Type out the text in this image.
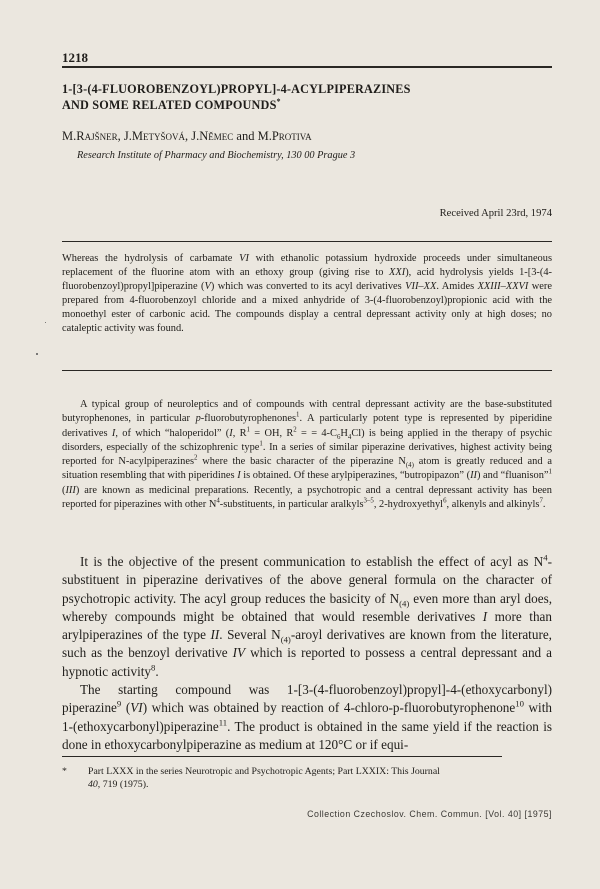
1218
1-[3-(4-FLUOROBENZOYL)PROPYL]-4-ACYLPIPERAZINES
AND SOME RELATED COMPOUNDS*
M.Rajšner, J.Metyšová, J.Němec and M.Protiva
Research Institute of Pharmacy and Biochemistry, 130 00 Prague 3
Received April 23rd, 1974

Whereas the hydrolysis of carbamate VI with ethanolic potassium hydroxide proceeds under simultaneous replacement of the fluorine atom with an ethoxy group (giving rise to XXI), acid hydrolysis yields 1-[3-(4-fluorobenzoyl)propyl]piperazine (V) which was converted to its acyl derivatives VII–XX. Amides XXIII–XXVI were prepared from 4-fluorobenzoyl chloride and a mixed anhydride of 3-(4-fluorobenzoyl)propionic acid with the monoethyl ester of carbonic acid. The compounds display a central depressant activity only at high doses; no cataleptic activity was found.

A typical group of neuroleptics and of compounds with central depressant activity are the base-substituted butyrophenones, in particular p-fluorobutyrophenones$^1$. A particularly potent type is represented by piperidine derivatives I, of which “haloperidol” (I, $R^1$ = OH, $R^2$ = = $4-C_6H_4Cl$) is being applied in the therapy of psychic disorders, especially of the schizophrenic type$^1$. In a series of similar piperazine derivatives, highest activity being reported for N-acylpiperazines$^2$ where the basic character of the piperazine $N_{(4)}$ atom is greatly reduced and a situation resembling that with piperidines I is obtained. Of these arylpiperazines, “butropipazon” (II) and “fluanison”$^1$ (III) are known as medicinal preparations. Recently, a psychotropic and a central depressant activity has been reported for piperazines with other $N^4$-substituents, in particular aralkyls$^{3-5}$, 2-hydroxyethyl$^6$, alkenyls and alkinyls$^7$.

It is the objective of the present communication to establish the effect of acyl as $N^4$-substituent in piperazine derivatives of the above general formula on the character of psychotropic activity. The acyl group reduces the basicity of $N_{(4)}$ even more than aryl does, whereby compounds might be obtained that would resemble derivatives I more than arylpiperazines of the type II. Several $N_{(4)}$-aroyl derivatives are known from the literature, such as the benzoyl derivative IV which is reported to possess a central depressant and a hypnotic activity$^8$.

The starting compound was 1-[3-(4-fluorobenzoyl)propyl]-4-(ethoxycarbonyl) piperazine$^9$ (VI) which was obtained by reaction of 4-chloro-p-fluorobutyrophenone$^{10}$ with 1-(ethoxycarbonyl)piperazine$^{11}$. The product is obtained in the same yield if the reaction is done in ethoxycarbonylpiperazine as medium at 120°C or if equi-

* Part LXXX in the series Neurotropic and Psychotropic Agents; Part LXXIX: This Journal
40, 719 (1975).
Collection Czechoslov. Chem. Commun. [Vol. 40] [1975]
